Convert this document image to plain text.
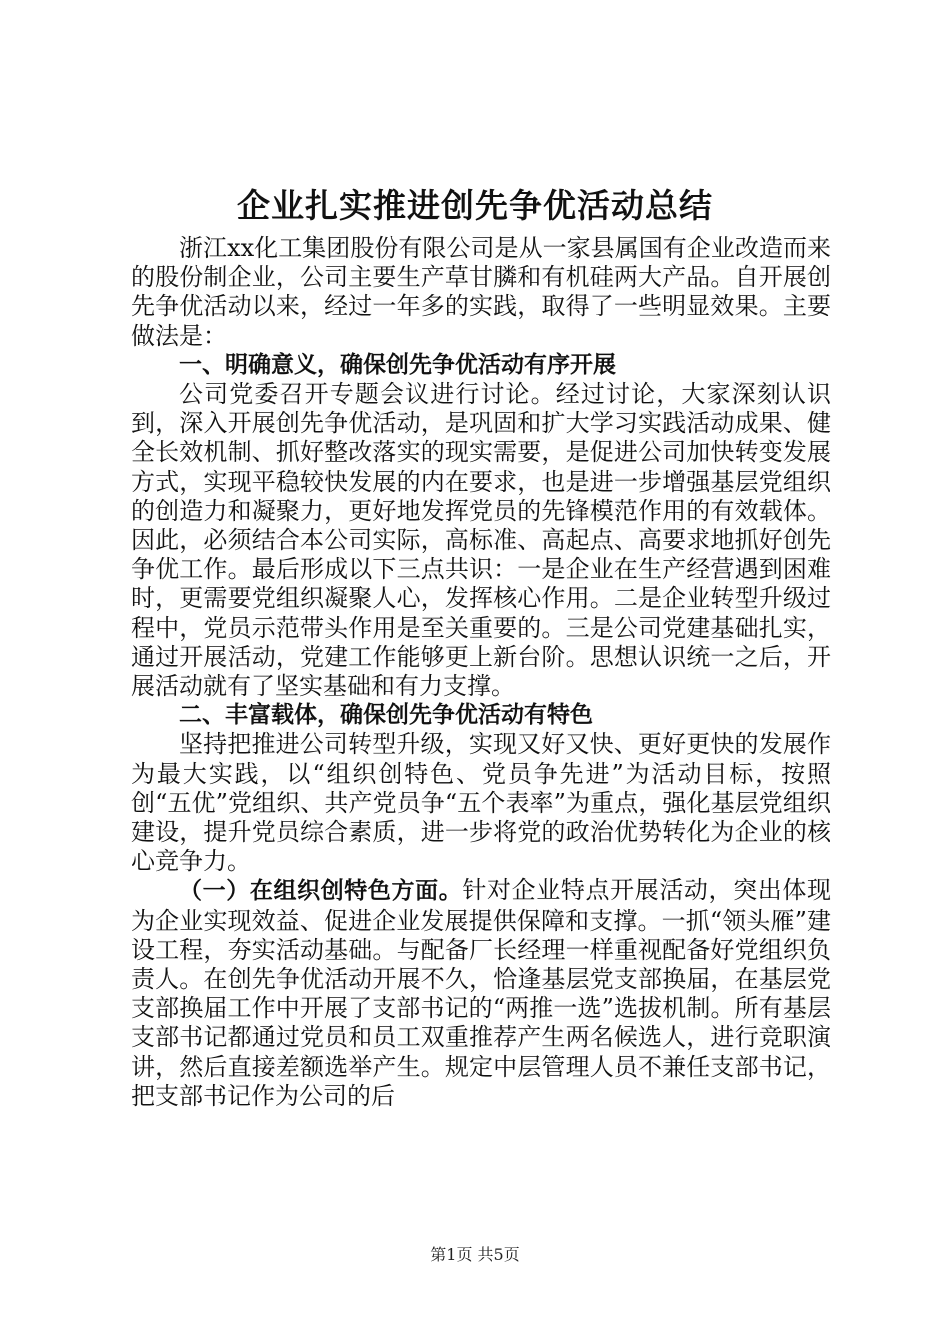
企业扎实推进创先争优活动总结

浙江xx化工集团股份有限公司是从一家县属国有企业改造而来的股份制企业，公司主要生产草甘膦和有机硅两大产品。自开展创先争优活动以来，经过一年多的实践，取得了一些明显效果。主要做法是：

一、明确意义，确保创先争优活动有序开展

公司党委召开专题会议进行讨论。经过讨论，大家深刻认识到，深入开展创先争优活动，是巩固和扩大学习实践活动成果、健全长效机制、抓好整改落实的现实需要，是促进公司加快转变发展方式，实现平稳较快发展的内在要求，也是进一步增强基层党组织的创造力和凝聚力，更好地发挥党员的先锋模范作用的有效载体。因此，必须结合本公司实际，高标准、高起点、高要求地抓好创先争优工作。最后形成以下三点共识：一是企业在生产经营遇到困难时，更需要党组织凝聚人心，发挥核心作用。二是企业转型升级过程中，党员示范带头作用是至关重要的。三是公司党建基础扎实，通过开展活动，党建工作能够更上新台阶。思想认识统一之后，开展活动就有了坚实基础和有力支撑。

二、丰富载体，确保创先争优活动有特色

坚持把推进公司转型升级，实现又好又快、更好更快的发展作为最大实践，以“组织创特色、党员争先进”为活动目标，按照创“五优”党组织、共产党员争“五个表率”为重点，强化基层党组织建设，提升党员综合素质，进一步将党的政治优势转化为企业的核心竞争力。

（一）在组织创特色方面。针对企业特点开展活动，突出体现为企业实现效益、促进企业发展提供保障和支撑。一抓“领头雁”建设工程，夯实活动基础。与配备厂长经理一样重视配备好党组织负责人。在创先争优活动开展不久，恰逢基层党支部换届，在基层党支部换届工作中开展了支部书记的“两推一选”选拔机制。所有基层支部书记都通过党员和员工双重推荐产生两名候选人，进行竞职演讲，然后直接差额选举产生。规定中层管理人员不兼任支部书记，把支部书记作为公司的后

第1页 共5页
